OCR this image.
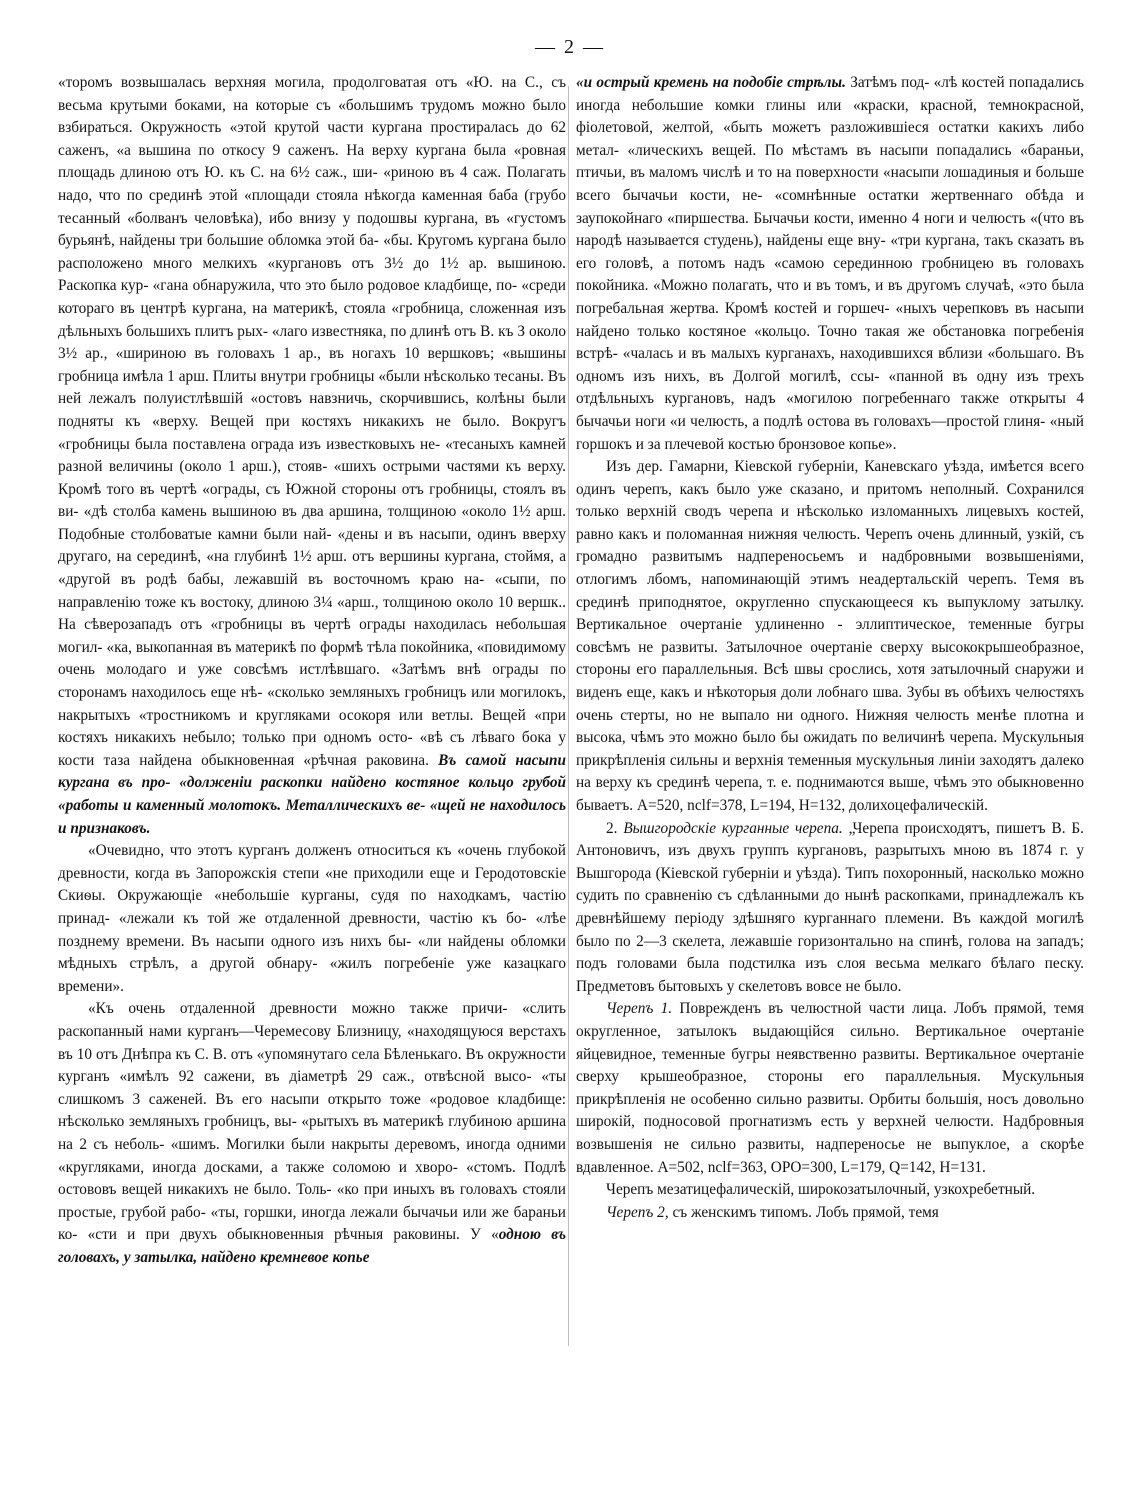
— 2 —

«торомъ возвышалась верхняя могила, продолговатая отъ «Ю. на С., съ весьма крутыми боками, на которые съ «большимъ трудомъ можно было взбираться. Окружность «этой крутой части кургана простиралась до 62 саженъ, «а вышина по откосу 9 саженъ. На верху кургана была «ровная площадь длиною отъ Ю. къ С. на 6½ саж., ши- «риною въ 4 саж. Полагать надо, что по срединѣ этой «площади стояла нѣкогда каменная баба (грубо тесанный «болванъ человѣка), ибо внизу у подошвы кургана, въ «густомъ бурьянѣ, найдены три большие обломка этой ба- «бы. Кругомъ кургана было расположено много мелкихъ «кургановъ отъ 3½ до 1½ ар. вышиною. Раскопка кур- «гана обнаружила, что это было родовое кладбище, по- «среди котораго въ центрѣ кургана, на материкѣ, стояла «гробница, сложенная изъ дѣльныхъ большихъ плитъ рых- «лаго известняка, по длинѣ отъ В. къ З около 3½ ар., «шириною въ головахъ 1 ар., въ ногахъ 10 вершковъ; «вышины гробница имѣла 1 арш. Плиты внутри гробницы «были нѣсколько тесаны. Въ ней лежалъ полуистлѣвшій «остовъ навзничь, скорчившись, колѣны были подняты къ «верху. Вещей при костяхъ никакихъ не было. Вокругъ «гробницы была поставлена ограда изъ известковыхъ не- «тесаныхъ камней разной величины (около 1 арш.), стояв- «шихъ острыми частями къ верху. Кромѣ того въ чертѣ «ограды, съ Южной стороны отъ гробницы, стоялъ въ ви- «дѣ столба камень вышиною въ два аршина, толщиною «около 1½ арш. Подобные столбоватые камни были най- «дены и въ насыпи, одинъ вверху другаго, на серединѣ, «на глубинѣ 1½ арш. отъ вершины кургана, стоймя, а «другой въ родѣ бабы, лежавшій въ восточномъ краю на- «сыпи, по направленію тоже къ востоку, длиною 3¼ «арш., толщиною около 10 вершк.. На сѣверозападъ отъ «гробницы въ чертѣ ограды находилась небольшая могил- «ка, выкопанная въ материкѣ по формѣ тѣла покойника, «повидимому очень молодаго и уже совсѣмъ истлѣвшаго. «Затѣмъ внѣ ограды по сторонамъ находилось еще нѣ- «сколько земляныхъ гробницъ или могилокъ, накрытыхъ «тростникомъ и кругляками осокоря или ветлы. Вещей «при костяхъ никакихъ небыло; только при одномъ осто- «вѣ съ лѣваго бока у кости таза найдена обыкновенная «рѣчная раковина. Въ самой насыпи кургана въ про- «долженіи раскопки найдено костяное кольцо грубой «работы и каменный молотокъ. Металлическихъ ве- «щей не находилось и признаковъ.

«Очевидно, что этотъ курганъ долженъ относиться къ «очень глубокой древности, когда въ Запорожскія степи «не приходили еще и Геродотовскіе Скиѳы. Окружающіе «небольшіе курганы, судя по находкамъ, частію принад- «лежали къ той же отдаленной древности, частію къ бо- «лѣе позднему времени. Въ насыпи одного изъ нихъ бы- «ли найдены обломки мѣдныхъ стрѣлъ, а другой обнару- «жилъ погребеніе уже казацкаго времени».

«Къ очень отдаленной древности можно также причи- «слить раскопанный нами курганъ—Черемесову Близницу, «находящуюся верстахъ въ 10 отъ Днѣпра къ С. В. отъ «упомянутаго села Бѣленькаго. Въ окружности курганъ «имѣлъ 92 сажени, въ діаметрѣ 29 саж., отвѣсной высо- «ты слишкомъ 3 саженей. Въ его насыпи открыто тоже «родовое кладбище: нѣсколько земляныхъ гробницъ, вы- «рытыхъ въ материкѣ глубиною аршина на 2 съ неболь- «шимъ. Могилки были накрыты деревомъ, иногда одними «кругляками, иногда досками, а также соломою и хворо- «стомъ. Подлѣ остововъ вещей никакихъ не было. Толь- «ко при иныхъ въ головахъ стояли простые, грубой рабо- «ты, горшки, иногда лежали бычачьи или же бараньи ко- «сти и при двухъ обыкновенныя рѣчныя раковины. У «одною въ головахъ, у затылка, найдено кремневое копье

«и острый кремень на подобіе стрѣлы. Затѣмъ под- «лѣ костей попадались иногда небольшие комки глины или «краски, красной, темнокрасной, фіолетовой, желтой, «быть можетъ разложившіеся остатки какихъ либо метал- «лическихъ вещей. По мѣстамъ въ насыпи попадались «бараньи, птичьи, въ маломъ числѣ и то на поверхности «насыпи лошадиныя и больше всего бычачьи кости, не- «сомнѣнные остатки жертвеннаго обѣда и заупокойнаго «пиршества. Бычачьи кости, именно 4 ноги и челюсть «(что въ народѣ называется студень), найдены еще вну- «три кургана, такъ сказать въ его головѣ, а потомъ надъ «самою серединною гробницею въ головахъ покойника. «Можно полагать, что и въ томъ, и въ другомъ случаѣ, «это была погребальная жертва. Кромѣ костей и горшеч- «ныхъ черепковъ въ насыпи найдено только костяное «кольцо. Точно такая же обстановка погребенія встрѣ- «чалась и въ малыхъ курганахъ, находившихся вблизи «большаго. Въ одномъ изъ нихъ, въ Долгой могилѣ, ссы- «панной въ одну изъ трехъ отдѣльныхъ кургановъ, надъ «могилою погребеннаго также открыты 4 бычачьи ноги «и челюсть, а подлѣ остова въ головахъ—простой глиня- «ный горшокъ и за плечевой костью бронзовое копье».

Изъ дер. Гамарни, Кіевской губерніи, Каневскаго уѣзда, имѣется всего одинъ черепъ, какъ было уже сказано, и притомъ неполный. Сохранился только верхній сводъ черепа и нѣсколько изломанныхъ лицевыхъ костей, равно какъ и поломанная нижняя челюсть. Черепъ очень длинный, узкій, съ громадно развитымъ надпереносьемъ и надбровными возвышеніями, отлогимъ лбомъ, напоминающій этимъ неадертальскій черепъ. Темя въ срединѣ приподнятое, округленно спускающееся къ выпуклому затылку. Вертикальное очертаніе удлиненно - эллиптическое, теменные бугры совсѣмъ не развиты. Затылочное очертаніе сверху высококрышеобразное, стороны его параллельныя. Всѣ швы срослись, хотя затылочный снаружи и виденъ еще, какъ и нѣкоторыя доли лобнаго шва. Зубы въ обѣихъ челюстяхъ очень стерты, но не выпало ни одного. Нижняя челюсть менѣе плотна и высока, чѣмъ это можно было бы ожидать по величинѣ черепа. Мускульныя прикрѣпленія сильны и верхнія теменныя мускульныя линіи заходятъ далеко на верху къ срединѣ черепа, т. е. поднимаются выше, чѣмъ это обыкновенно бываетъ. A=520, nclf=378, L=194, H=132, долихоцефалическій.

2. Вышгородскіе курганные черепа. „Черепа происходятъ, пишетъ В. Б. Антоновичъ, изъ двухъ группъ кургановъ, разрытыхъ мною въ 1874 г. у Вышгорода (Кіевской губерніи и уѣзда). Типъ похоронный, насколько можно судить по сравненію съ сдѣланными до нынѣ раскопками, принадлежалъ къ древнѣйшему періоду здѣшняго курганнаго племени. Въ каждой могилѣ было по 2—3 скелета, лежавшіе горизонтально на спинѣ, голова на западъ; подъ головами была подстилка изъ слоя весьма мелкаго бѣлаго песку. Предметовъ бытовыхъ у скелетовъ вовсе не было.

Черепъ 1. Поврежденъ въ челюстной части лица. Лобъ прямой, темя округленное, затылокъ выдающійся сильно. Вертикальное очертаніе яйцевидное, теменные бугры неявственно развиты. Вертикальное очертаніе сверху крышеобразное, стороны его параллельныя. Мускульныя прикрѣпленія не особенно сильно развиты. Орбиты большія, носъ довольно широкій, подносовой прогнатизмъ есть у верхней челюсти. Надбровныя возвышенія не сильно развиты, надпереносье не выпуклое, а скорѣе вдавленное. A=502, nclf=363, OPO=300, L=179, Q=142, H=131.

Черепъ мезатицефалическій, широкозатылочный, узкохребетный.

Черепъ 2, съ женскимъ типомъ. Лобъ прямой, темя
